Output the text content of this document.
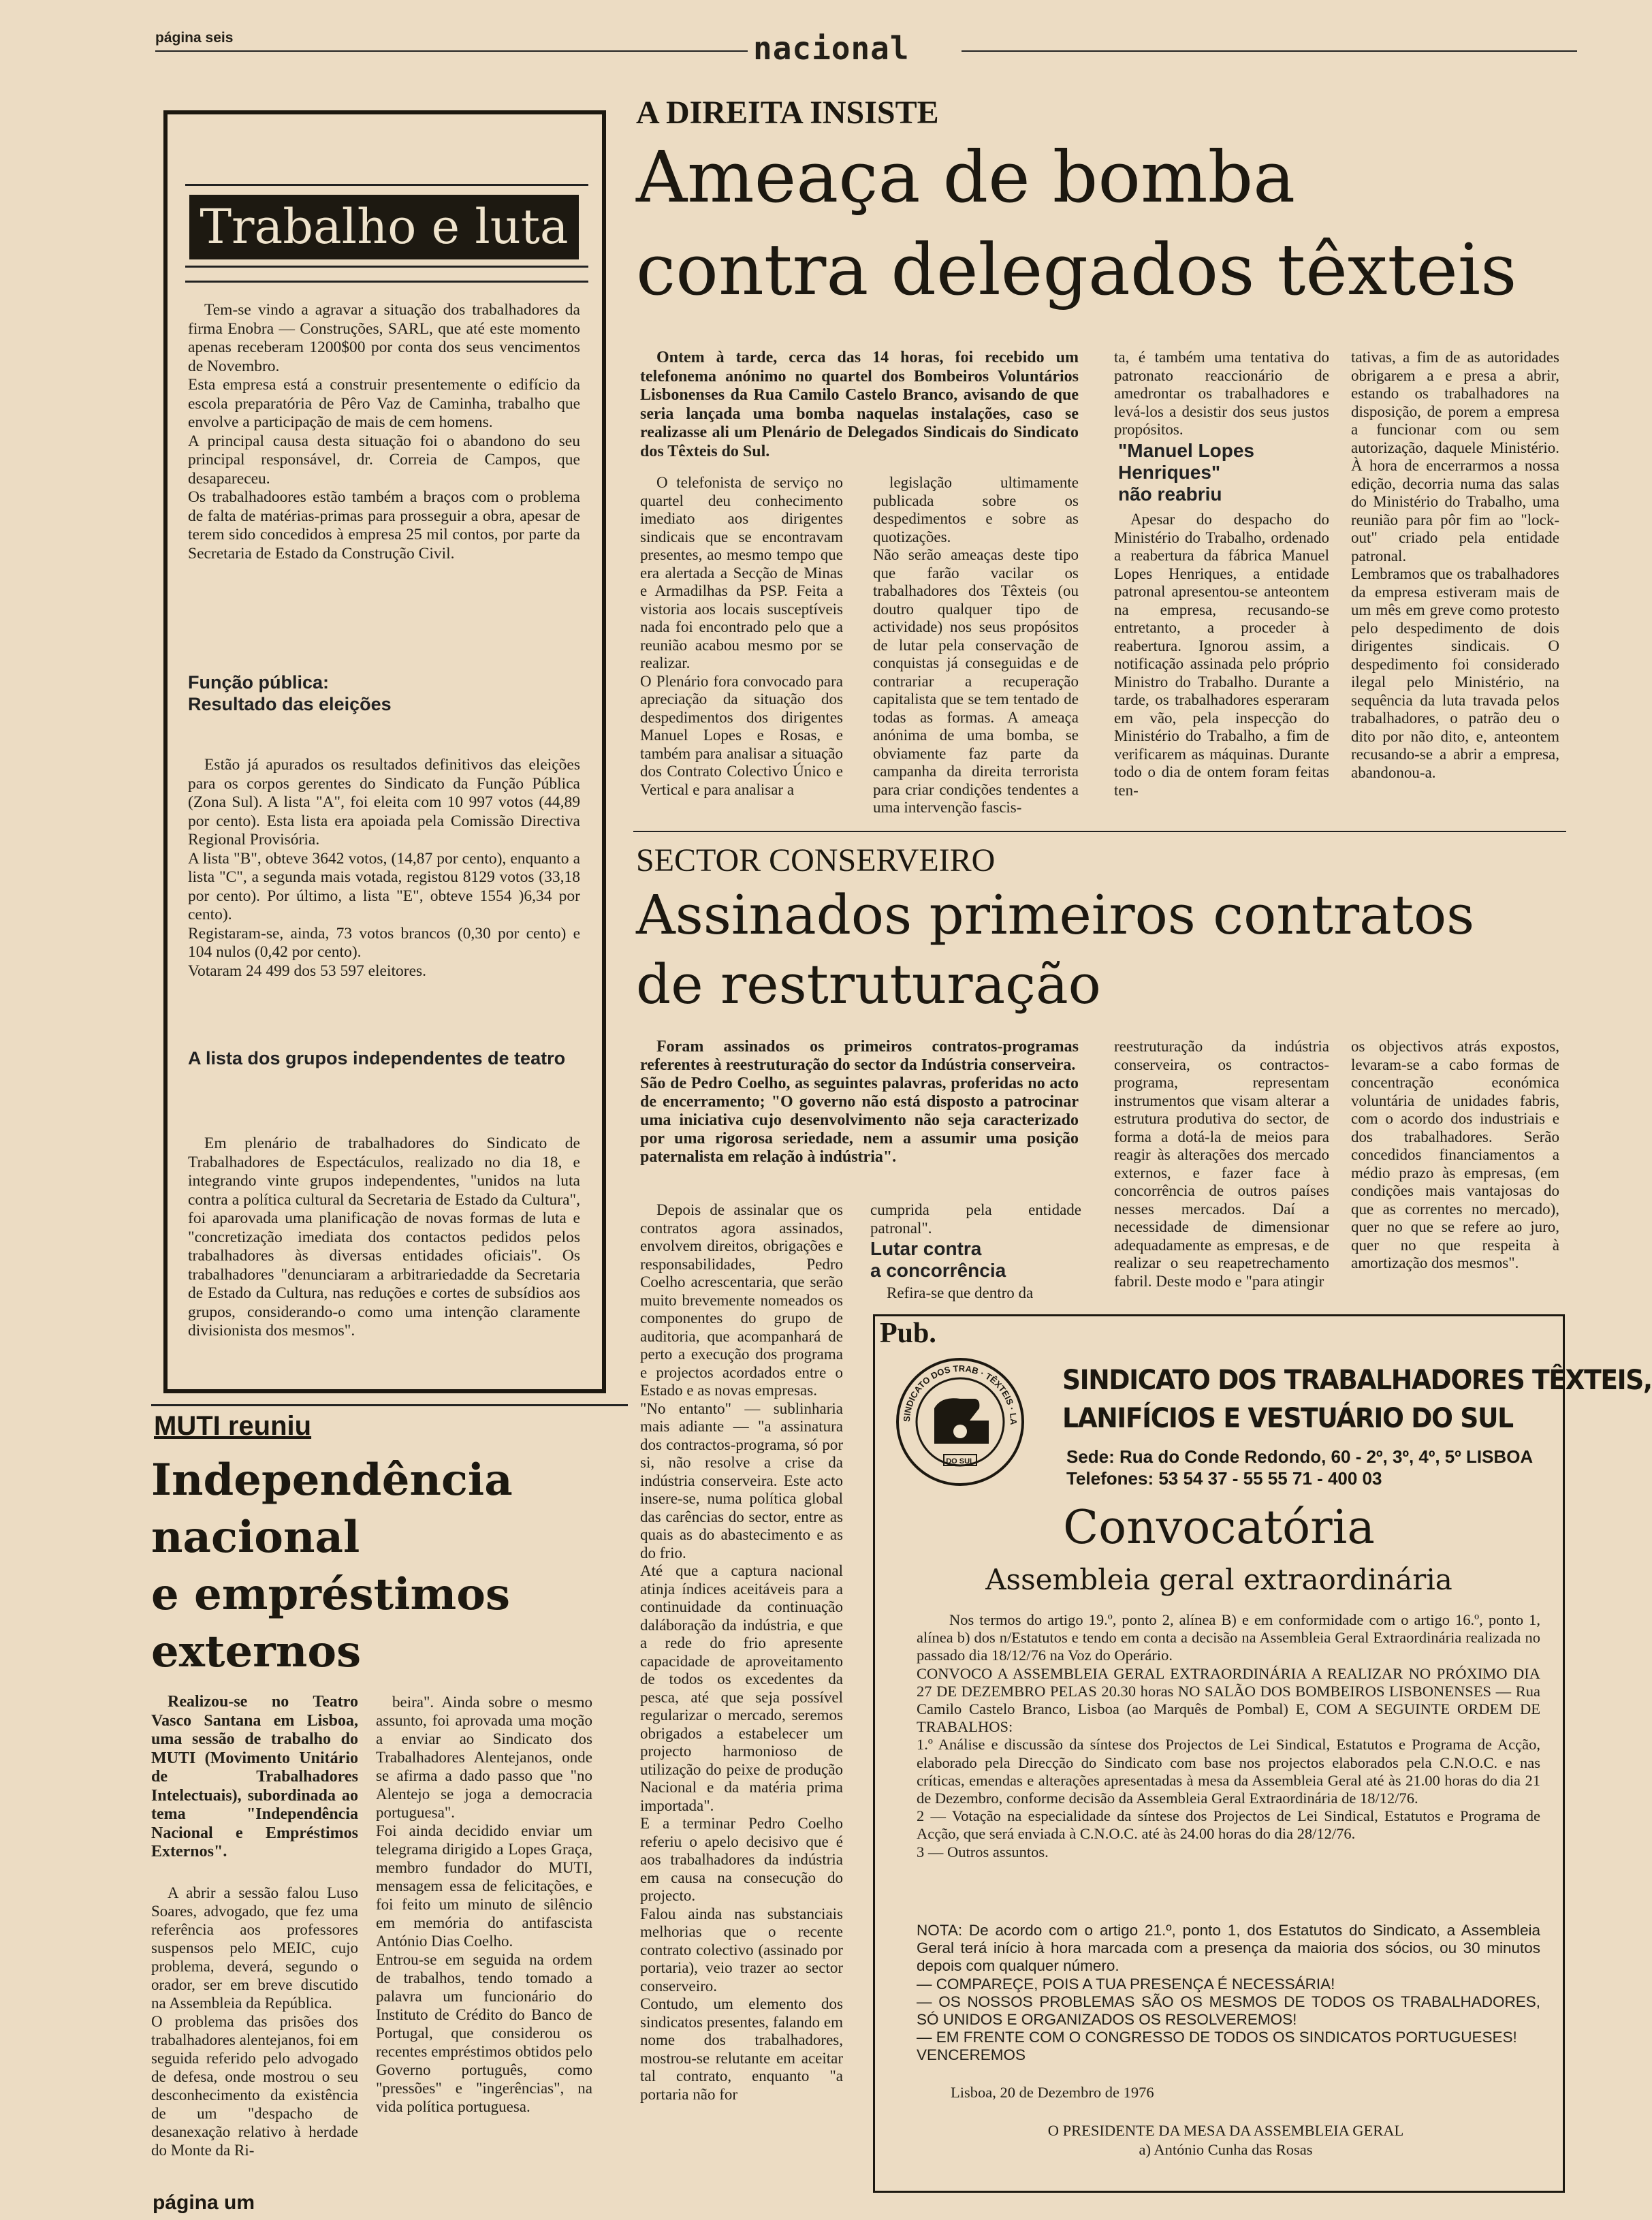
página seis	nacional
Trabalho e luta
Tem-se vindo a agravar a situação dos trabalhadores da firma Enobra — Construções, SARL, que até este momento apenas receberam 1200$00 por conta dos seus vencimentos de Novembro.
Esta empresa está a construir presentemente o edifício da escola preparatória de Pêro Vaz de Caminha, trabalho que envolve a participação de mais de cem homens.
A principal causa desta situação foi o abandono do seu principal responsável, dr. Correia de Campos, que desapareceu.
Os trabalhadoores estão também a braços com o problema de falta de matérias-primas para prosseguir a obra, apesar de terem sido concedidos à empresa 25 mil contos, por parte da Secretaria de Estado da Construção Civil.
Função pública:
Resultado das eleições
Estão já apurados os resultados definitivos das eleições para os corpos gerentes do Sindicato da Função Pública (Zona Sul). A lista "A", foi eleita com 10 997 votos (44,89 por cento). Esta lista era apoiada pela Comissão Directiva Regional Provisória.
A lista "B", obteve 3642 votos, (14,87 por cento), enquanto a lista "C", a segunda mais votada, registou 8129 votos (33,18 por cento). Por último, a lista "E", obteve 1554 )6,34 por cento).
Registaram-se, ainda, 73 votos brancos (0,30 por cento) e 104 nulos (0,42 por cento).
Votaram 24 499 dos 53 597 eleitores.
A lista dos grupos independentes de teatro
Em plenário de trabalhadores do Sindicato de Trabalhadores de Espectáculos, realizado no dia 18, e integrando vinte grupos independentes, "unidos na luta contra a política cultural da Secretaria de Estado da Cultura", foi aparovada uma planificação de novas formas de luta e "concretização imediata dos contactos pedidos pelos trabalhadores às diversas entidades oficiais". Os trabalhadores "denunciaram a arbitrariedadde da Secretaria de Estado da Cultura, nas reduções e cortes de subsídios aos grupos, considerando-o como uma intenção claramente divisionista dos mesmos".
MUTI reuniu
Independência
nacional
e empréstimos
externos
Realizou-se no Teatro Vasco Santana em Lisboa, uma sessão de trabalho do MUTI (Movimento Unitário de Trabalhadores Intelectuais), subordinada ao tema "Independência Nacional e Empréstimos Externos".
A abrir a sessão falou Luso Soares, advogado, que fez uma referência aos professores suspensos pelo MEIC, cujo problema, deverá, segundo o orador, ser em breve discutido na Assembleia da República.
O problema das prisões dos trabalhadores alentejanos, foi em seguida referido pelo advogado de defesa, onde mostrou o seu desconhecimento da existência de um "despacho de desanexação relativo à herdade do Monte da Ri-
beira". Ainda sobre o mesmo assunto, foi aprovada uma moção a enviar ao Sindicato dos Trabalhadores Alentejanos, onde se afirma a dado passo que "no Alentejo se joga a democracia portuguesa".
Foi ainda decidido enviar um telegrama dirigido a Lopes Graça, membro fundador do MUTI, mensagem essa de felicitações, e foi feito um minuto de silêncio em memória do antifascista António Dias Coelho.
Entrou-se em seguida na ordem de trabalhos, tendo tomado a palavra um funcionário do Instituto de Crédito do Banco de Portugal, que considerou os recentes empréstimos obtidos pelo Governo português, como "pressões" e "ingerências", na vida política portuguesa.
página um
A DIREITA INSISTE
Ameaça de bomba
contra delegados têxteis
Ontem à tarde, cerca das 14 horas, foi recebido um telefonema anónimo no quartel dos Bombeiros Voluntários Lisbonenses da Rua Camilo Castelo Branco, avisando de que seria lançada uma bomba naquelas instalações, caso se realizasse ali um Plenário de Delegados Sindicais do Sindicato dos Têxteis do Sul.
O telefonista de serviço no quartel deu conhecimento imediato aos dirigentes sindicais que se encontravam presentes, ao mesmo tempo que era alertada a Secção de Minas e Armadilhas da PSP. Feita a vistoria aos locais susceptíveis nada foi encontrado pelo que a reunião acabou mesmo por se realizar.
O Plenário fora convocado para apreciação da situação dos despedimentos dos dirigentes Manuel Lopes e Rosas, e também para analisar a situação dos Contrato Colectivo Único e Vertical e para analisar a
legislação ultimamente publicada sobre os despedimentos e sobre as quotizações.
Não serão ameaças deste tipo que farão vacilar os trabalhadores dos Têxteis (ou doutro qualquer tipo de actividade) nos seus propósitos de lutar pela conservação de conquistas já conseguidas e de contrariar a recuperação capitalista que se tem tentado de todas as formas. A ameaça anónima de uma bomba, se obviamente faz parte da campanha da direita terrorista para criar condições tendentes a uma intervenção fascis-
ta, é também uma tentativa do patronato reaccionário de amedrontar os trabalhadores e levá-los a desistir dos seus justos propósitos.
"Manuel Lopes
Henriques"
não reabriu
Apesar do despacho do Ministério do Trabalho, ordenado a reabertura da fábrica Manuel Lopes Henriques, a entidade patronal apresentou-se anteontem na empresa, recusando-se entretanto, a proceder à reabertura. Ignorou assim, a notificação assinada pelo próprio Ministro do Trabalho. Durante a tarde, os trabalhadores esperaram em vão, pela inspecção do Ministério do Trabalho, a fim de verificarem as máquinas. Durante todo o dia de ontem foram feitas ten-
tativas, a fim de as autoridades obrigarem a e presa a abrir, estando os trabalhadores na disposição, de porem a empresa a funcionar com ou sem autorização, daquele Ministério. À hora de encerrarmos a nossa edição, decorria numa das salas do Ministério do Trabalho, uma reunião para pôr fim ao "lock-out" criado pela entidade patronal.
Lembramos que os trabalhadores da empresa estiveram mais de um mês em greve como protesto pelo despedimento de dois dirigentes sindicais. O despedimento foi considerado ilegal pelo Ministério, na sequência da luta travada pelos trabalhadores, o patrão deu o dito por não dito, e, anteontem recusando-se a abrir a empresa, abandonou-a.
SECTOR CONSERVEIRO
Assinados primeiros contratos
de restruturação
Foram assinados os primeiros contratos-programas referentes à reestruturação do sector da Indústria conserveira.
São de Pedro Coelho, as seguintes palavras, proferidas no acto de encerramento; "O governo não está disposto a patrocinar uma iniciativa cujo desenvolvimento não seja caracterizado por uma rigorosa seriedade, nem a assumir uma posição paternalista em relação à indústria".
Depois de assinalar que os contratos agora assinados, envolvem direitos, obrigações e responsabilidades, Pedro Coelho acrescentaria, que serão muito brevemente nomeados os componentes do grupo de auditoria, que acompanhará de perto a execução dos programa e projectos acordados entre o Estado e as novas empresas.
"No entanto" — sublinharia mais adiante — "a assinatura dos contractos-programa, só por si, não resolve a crise da indústria conserveira. Este acto insere-se, numa política global das carências do sector, entre as quais as do abastecimento e as do frio.
Até que a captura nacional atinja índices aceitáveis para a continuidade da continuação daláboração da indústria, e que a rede do frio apresente capacidade de aproveitamento de todos os excedentes da pesca, até que seja possível regularizar o mercado, seremos obrigados a estabelecer um projecto harmonioso de utilização do peixe de produção Nacional e da matéria prima importada".
E a terminar Pedro Coelho referiu o apelo decisivo que é aos trabalhadores da indústria em causa na consecução do projecto.
Falou ainda nas substanciais melhorias que o recente contrato colectivo (assinado por portaria), veio trazer ao sector conserveiro.
Contudo, um elemento dos sindicatos presentes, falando em nome dos trabalhadores, mostrou-se relutante em aceitar tal contrato, enquanto "a portaria não for
cumprida pela entidade patronal".
Lutar contra
a concorrência
Refira-se que dentro da
reestruturação da indústria conserveira, os contractos-programa, representam instrumentos que visam alterar a estrutura produtiva do sector, de forma a dotá-la de meios para reagir às alterações dos mercado externos, e fazer face à concorrência de outros países nesses mercados. Daí a necessidade de dimensionar adequadamente as empresas, e de realizar o seu reapetrechamento fabril. Deste modo e "para atingir
os objectivos atrás expostos, levaram-se a cabo formas de concentração económica voluntária de unidades fabris, com o acordo dos industriais e dos trabalhadores. Serão concedidos financiamentos a médio prazo às empresas, (em condições mais vantajosas do que as correntes no mercado), quer no que se refere ao juro, quer no que respeita à amortização dos mesmos".
Pub.
SINDICATO DOS TRAB · TÊXTEIS · LA
DO SUL
SINDICATO DOS TRABALHADORES TÊXTEIS,
LANIFÍCIOS E VESTUÁRIO DO SUL
Sede: Rua do Conde Redondo, 60 - 2º, 3º, 4º, 5º LISBOA
Telefones: 53 54 37 - 55 55 71 - 400 03
Convocatória
Assembleia geral extraordinária
Nos termos do artigo 19.º, ponto 2, alínea B) e em conformidade com o artigo 16.º, ponto 1, alínea b) dos n/Estatutos e tendo em conta a decisão na Assembleia Geral Extraordinária realizada no passado dia 18/12/76 na Voz do Operário.
CONVOCO A ASSEMBLEIA GERAL EXTRAORDINÁRIA A REALIZAR NO PRÓXIMO DIA 27 DE DEZEMBRO PELAS 20.30 horas NO SALÃO DOS BOMBEIROS LISBONENSES — Rua Camilo Castelo Branco, Lisboa (ao Marquês de Pombal) E, COM A SEGUINTE ORDEM DE TRABALHOS:
1.º Análise e discussão da síntese dos Projectos de Lei Sindical, Estatutos e Programa de Acção, elaborado pela Direcção do Sindicato com base nos projectos elaborados pela C.N.O.C. e nas críticas, emendas e alterações apresentadas à mesa da Assembleia Geral até às 21.00 horas do dia 21 de Dezembro, conforme decisão da Assembleia Geral Extraordinária de 18/12/76.
2 — Votação na especialidade da síntese dos Projectos de Lei Sindical, Estatutos e Programa de Acção, que será enviada à C.N.O.C. até às 24.00 horas do dia 28/12/76.
3 — Outros assuntos.
NOTA: De acordo com o artigo 21.º, ponto 1, dos Estatutos do Sindicato, a Assembleia Geral terá início à hora marcada com a presença da maioria dos sócios, ou 30 minutos depois com qualquer número.
— COMPAREÇE, POIS A TUA PRESENÇA É NECESSÁRIA!
— OS NOSSOS PROBLEMAS SÃO OS MESMOS DE TODOS OS TRABALHADORES, SÓ UNIDOS E ORGANIZADOS OS RESOLVEREMOS!
— EM FRENTE COM O CONGRESSO DE TODOS OS SINDICATOS PORTUGUESES!
VENCEREMOS
Lisboa, 20 de Dezembro de 1976
O PRESIDENTE DA MESA DA ASSEMBLEIA GERAL
a) António Cunha das Rosas
